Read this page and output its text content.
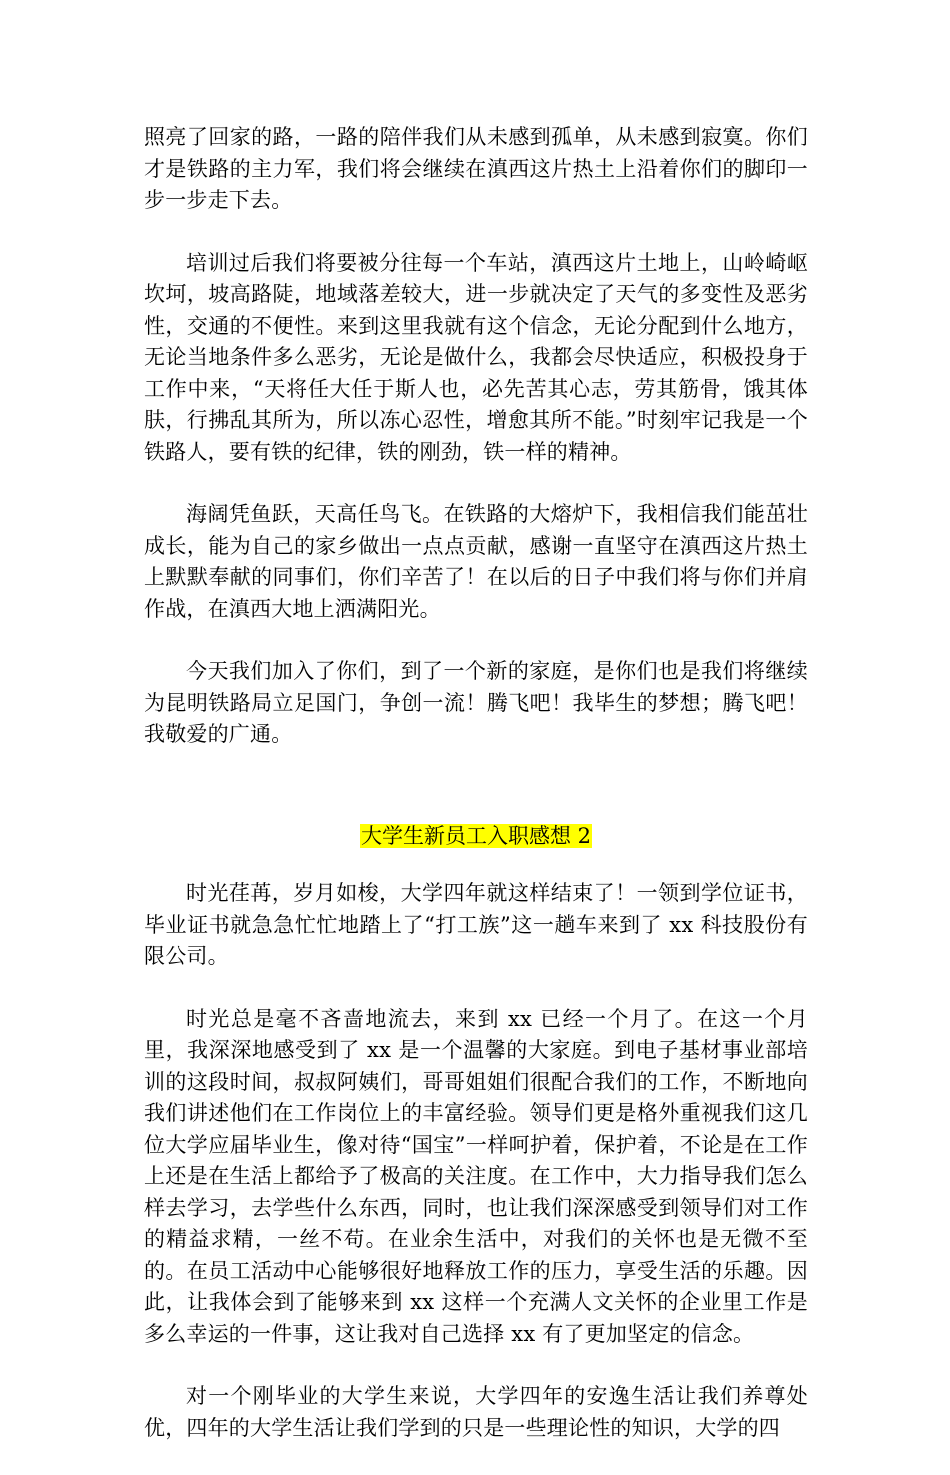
照亮了回家的路，一路的陪伴我们从未感到孤单，从未感到寂寞。你们才是铁路的主力军，我们将会继续在滇西这片热土上沿着你们的脚印一步一步走下去。

培训过后我们将要被分往每一个车站，滇西这片土地上，山岭崎岖坎坷，坡高路陡，地域落差较大，进一步就决定了天气的多变性及恶劣性，交通的不便性。来到这里我就有这个信念，无论分配到什么地方，无论当地条件多么恶劣，无论是做什么，我都会尽快适应，积极投身于工作中来，“天将任大任于斯人也，必先苦其心志，劳其筋骨，饿其体肤，行拂乱其所为，所以冻心忍性，增愈其所不能。”时刻牢记我是一个铁路人，要有铁的纪律，铁的刚劲，铁一样的精神。

海阔凭鱼跃，天高任鸟飞。在铁路的大熔炉下，我相信我们能茁壮成长，能为自己的家乡做出一点点贡献，感谢一直坚守在滇西这片热土上默默奉献的同事们，你们辛苦了！在以后的日子中我们将与你们并肩作战，在滇西大地上洒满阳光。

今天我们加入了你们，到了一个新的家庭，是你们也是我们将继续为昆明铁路局立足国门，争创一流！腾飞吧！我毕生的梦想；腾飞吧！我敬爱的广通。

大学生新员工入职感想 2

时光荏苒，岁月如梭，大学四年就这样结束了！一领到学位证书，毕业证书就急急忙忙地踏上了“打工族”这一趟车来到了 xx 科技股份有限公司。

时光总是毫不吝啬地流去，来到 xx 已经一个月了。在这一个月里，我深深地感受到了 xx 是一个温馨的大家庭。到电子基材事业部培训的这段时间，叔叔阿姨们，哥哥姐姐们很配合我们的工作，不断地向我们讲述他们在工作岗位上的丰富经验。领导们更是格外重视我们这几位大学应届毕业生，像对待“国宝”一样呵护着，保护着，不论是在工作上还是在生活上都给予了极高的关注度。在工作中，大力指导我们怎么样去学习，去学些什么东西，同时，也让我们深深感受到领导们对工作的精益求精，一丝不苟。在业余生活中，对我们的关怀也是无微不至的。在员工活动中心能够很好地释放工作的压力，享受生活的乐趣。因此，让我体会到了能够来到 xx 这样一个充满人文关怀的企业里工作是多么幸运的一件事，这让我对自己选择 xx 有了更加坚定的信念。

对一个刚毕业的大学生来说，大学四年的安逸生活让我们养尊处优，四年的大学生活让我们学到的只是一些理论性的知识，大学的四
